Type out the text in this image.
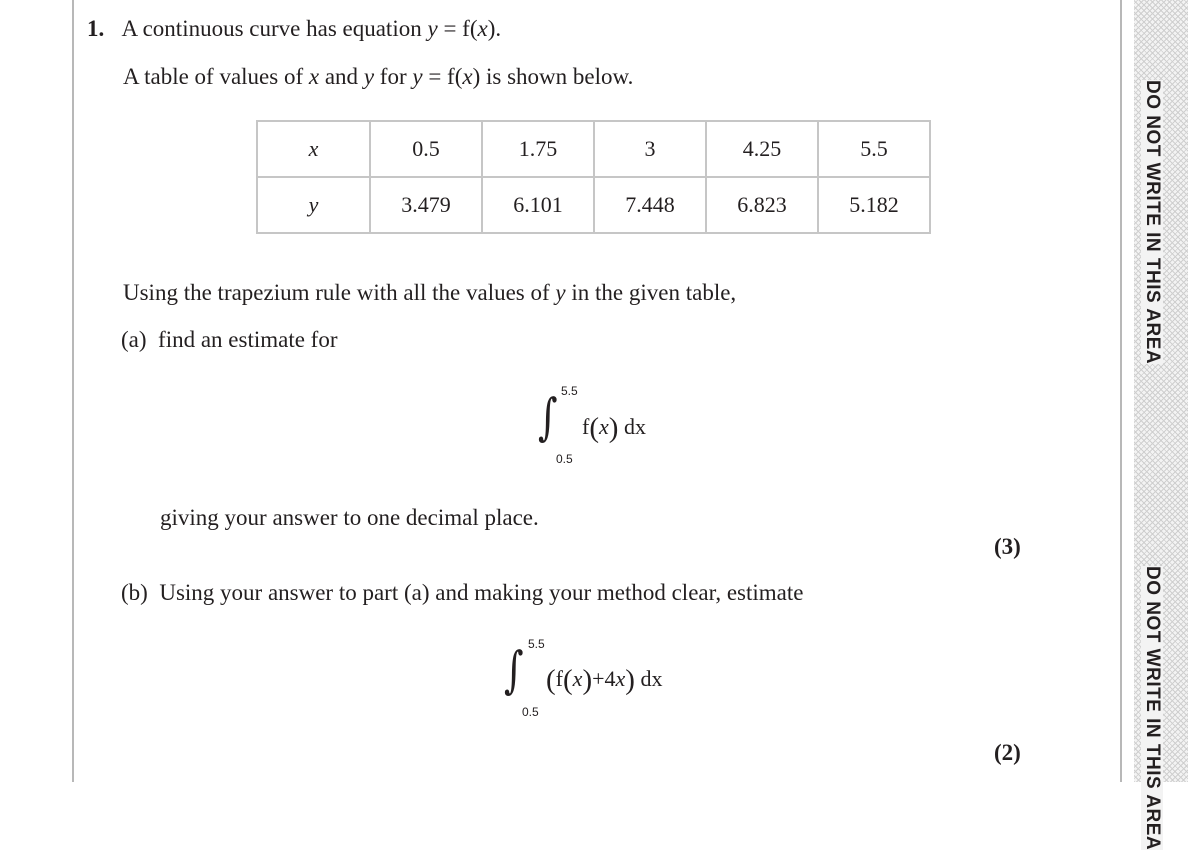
DO NOT WRITE IN THIS AREA
DO NOT WRITE IN THIS AREA
1. A continuous curve has equation y = f(x).
A table of values of x and y for y = f(x) is shown below.
x	0.5	1.75	3	4.25	5.5
y	3.479	6.101	7.448	6.823	5.182
Using the trapezium rule with all the values of y in the given table,
(a) find an estimate for
∫ 5.5
0.5
f(x) dx
giving your answer to one decimal place.
(3)
(b) Using your answer to part (a) and making your method clear, estimate
∫ 5.5
0.5
(f(x)+4x) dx
(2)
